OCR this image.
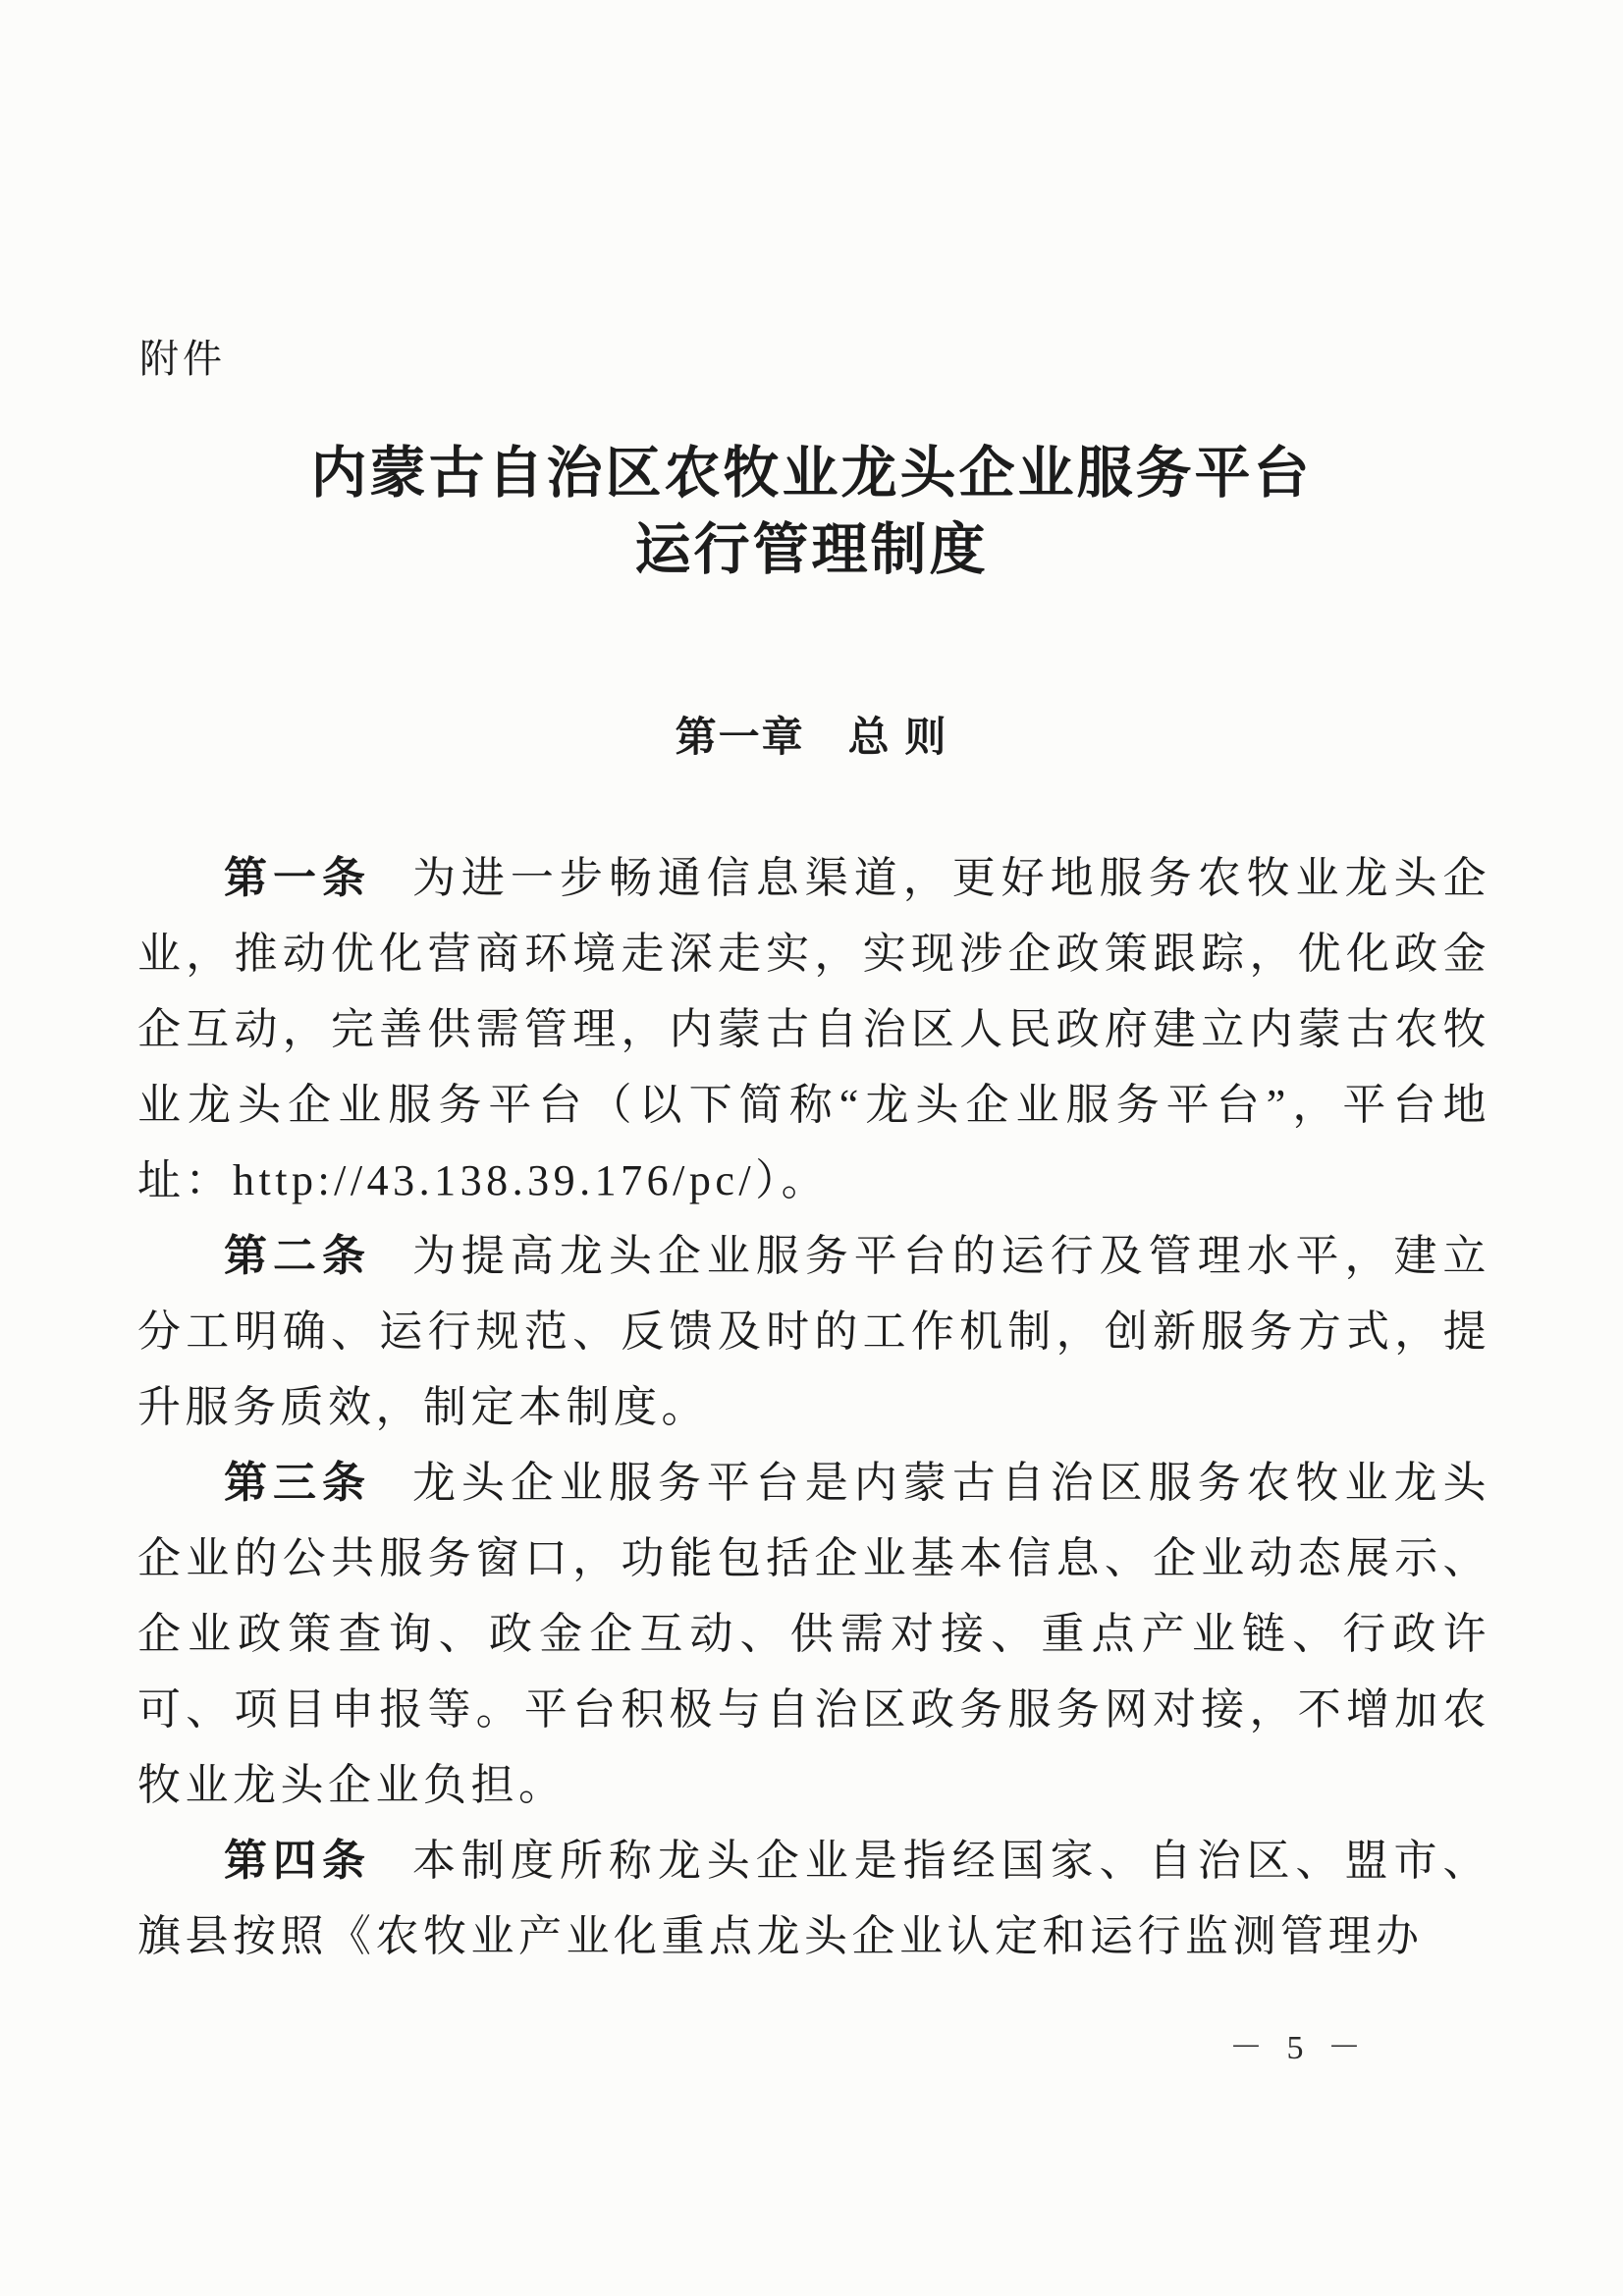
附件
内蒙古自治区农牧业龙头企业服务平台
运行管理制度
第一章　总 则

第一条 为进一步畅通信息渠道，更好地服务农牧业龙头企业，推动优化营商环境走深走实，实现涉企政策跟踪，优化政金企互动，完善供需管理，内蒙古自治区人民政府建立内蒙古农牧业龙头企业服务平台（以下简称“龙头企业服务平台”，平台地址：http://43.138.39.176/pc/）。

第二条 为提高龙头企业服务平台的运行及管理水平，建立分工明确、运行规范、反馈及时的工作机制，创新服务方式，提升服务质效，制定本制度。

第三条 龙头企业服务平台是内蒙古自治区服务农牧业龙头企业的公共服务窗口，功能包括企业基本信息、企业动态展示、企业政策查询、政金企互动、供需对接、重点产业链、行政许可、项目申报等。平台积极与自治区政务服务网对接，不增加农牧业龙头企业负担。

第四条 本制度所称龙头企业是指经国家、自治区、盟市、旗县按照《农牧业产业化重点龙头企业认定和运行监测管理办

－ 5 －
